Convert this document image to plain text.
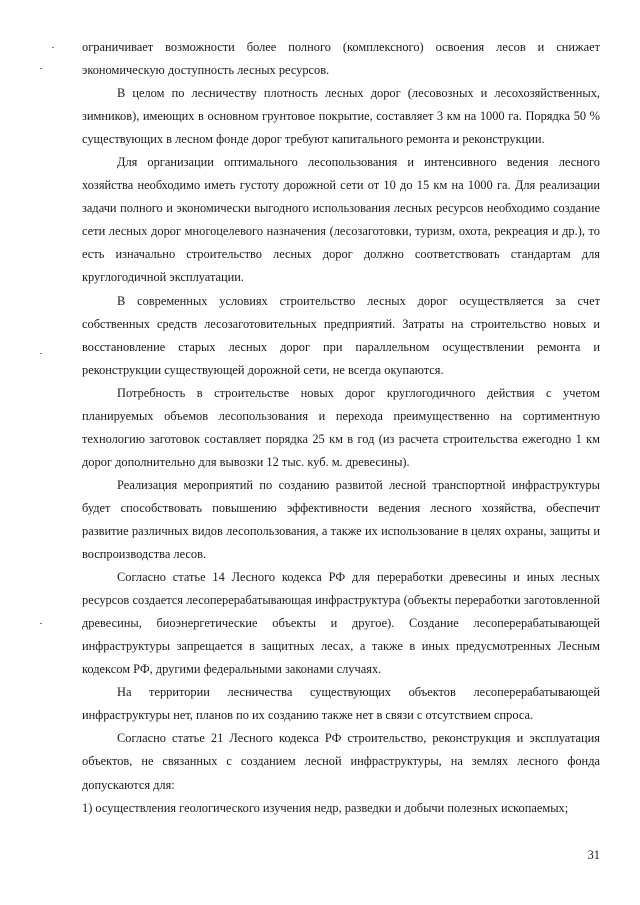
ограничивает возможности более полного (комплексного) освоения лесов и снижает экономическую доступность лесных ресурсов.

В целом по лесничеству плотность лесных дорог (лесовозных и лесохозяйственных, зимников), имеющих в основном грунтовое покрытие, составляет 3 км на 1000 га. Порядка 50 % существующих в лесном фонде дорог требуют капитального ремонта и реконструкции.

Для организации оптимального лесопользования и интенсивного ведения лесного хозяйства необходимо иметь густоту дорожной сети от 10 до 15 км на 1000 га. Для реализации задачи полного и экономически выгодного использования лесных ресурсов необходимо создание сети лесных дорог многоцелевого назначения (лесозаготовки, туризм, охота, рекреация и др.), то есть изначально строительство лесных дорог должно соответствовать стандартам для круглогодичной эксплуатации.

В современных условиях строительство лесных дорог осуществляется за счет собственных средств лесозаготовительных предприятий. Затраты на строительство новых и восстановление старых лесных дорог при параллельном осуществлении ремонта и реконструкции существующей дорожной сети, не всегда окупаются.

Потребность в строительстве новых дорог круглогодичного действия с учетом планируемых объемов лесопользования и перехода преимущественно на сортиментную технологию заготовок составляет порядка 25 км в год (из расчета строительства ежегодно 1 км дорог дополнительно для вывозки 12 тыс. куб. м. древесины).

Реализация мероприятий по созданию развитой лесной транспортной инфраструктуры будет способствовать повышению эффективности ведения лесного хозяйства, обеспечит развитие различных видов лесопользования, а также их использование в целях охраны, защиты и воспроизводства лесов.

Согласно статье 14 Лесного кодекса РФ для переработки древесины и иных лесных ресурсов создается лесоперерабатывающая инфраструктура (объекты переработки заготовленной древесины, биоэнергетические объекты и другое). Создание лесоперерабатывающей инфраструктуры запрещается в защитных лесах, а также в иных предусмотренных Лесным кодексом РФ, другими федеральными законами случаях.

На территории лесничества существующих объектов лесоперерабатывающей инфраструктуры нет, планов по их созданию также нет в связи с отсутствием спроса.

Согласно статье 21 Лесного кодекса РФ строительство, реконструкция и эксплуатация объектов, не связанных с созданием лесной инфраструктуры, на землях лесного фонда допускаются для:

1) осуществления геологического изучения недр, разведки и добычи полезных ископаемых;

31
